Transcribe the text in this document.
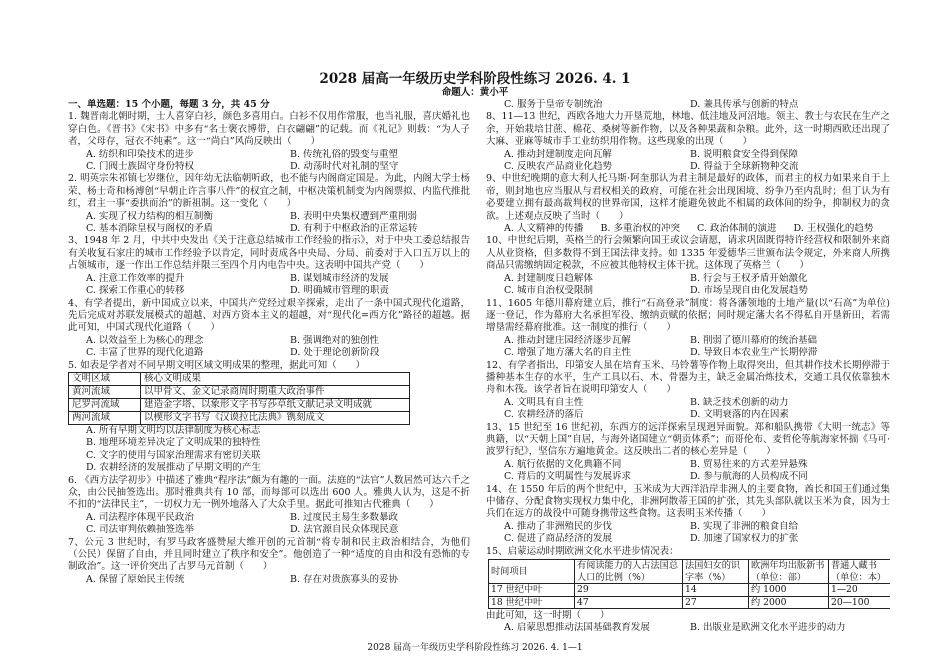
2028 届高一年级历史学科阶段性练习 2026. 4. 1
命题人：黄小平
一、单选题：15 个小题，每题 3 分，共 45 分
1. 魏晋南北朝时期，士人喜穿白衫，颜色多喜用白。白衫不仅用作常服，也当礼服，喜庆婚礼也穿白色。《晋书》《宋书》中多有“名士褒衣博带，白衣翩翩”的记载。而《礼记》则载：“为人子者，父母存，冠衣不纯素”。这一“尚白”风尚反映出（　　）
A. 纺织和印染技术的进步	B. 传统礼俗的毁变与重塑
C. 门阀士族固守身份特权	D. 动荡时代对礼制的坚守
2. 明英宗朱祁镇七岁继位，因年幼无法临朝听政，也不能与内阁商定国是。为此，内阁大学士杨荣、杨士奇和杨溥创“早朝止许言事八件”的权宜之制，中枢决策机制变为内阁票拟、内监代推批红，君主一事“委拱而治”的新祖制。这一变化（　　）
A. 实现了权力结构的相互制衡	B. 表明中央集权遭到严重削弱
C. 基本消除皇权与阁权的矛盾	D. 有利于中枢政治的正常运转
3、1948 年 2 月，中共中央发出《关于注意总结城市工作经验的指示》，对于中央工委总结报告有关收复石家庄的城市工作经验予以肯定，同时责成各中央局、分局、前委对于入口五万以上的占领城市，逐一作出工作总结并限三至四个月内电告中央。这表明中国共产党（　　）
A. 注意工作效率的提升	B. 谋划城市经济的发展
C. 探索工作重心的转移	D. 明确城市管理的职责
4、有学者提出，新中国成立以来，中国共产党经过艰辛探索，走出了一条中国式现代化道路，先后完成对苏联发展模式的超越、对西方资本主义的超越，对“现代化=西方化”路径的超越。据此可知，中国式现代化道路（　　）
A. 以效益至上为核心的理念	B. 强调绝对的独创性
C. 丰富了世界的现代化道路	D. 处于理论创新阶段
5. 如表是学者对不同早期文明区域文明成果的整理，据此可知（　　）
文明区域	核心文明成果
黄河流域	以甲骨文、金文记录商周时期重大政治事件
尼罗河流域	建造金字塔、以象形文字书写莎草纸文献记录文明成就
两河流域	以楔形文字书写《汉谟拉比法典》镌刻成文
A. 所有早期文明均以法律制度为核心标志
B. 地理环境差异决定了文明成果的独特性
C. 文字的使用与国家治理需求有密切关联
D. 农耕经济的发展推动了早期文明的产生
6. 《西方法学初步》中描述了雅典“程序法”颇为有趣的一面。法庭的“法官”人数居然可达六千之众，由公民抽签选出。那时雅典共有 10 部，而每部可以选出 600 人。雅典人认为，这是不折不扣的“法律民主”，一切权力无一例外地落入了大众手里。据此可推知古代雅典（　　）
A. 司法程序体现平民政治	B. 过度民主易生多数暴政
C. 司法审判依赖抽签选举	D. 法官源自民众体现民意
7、公元 3 世纪时，有罗马政客盛赞屋大维开创的元首制“将专制和民主政治相结合，为他们（公民）保留了自由，并且同时建立了秩序和安全”。他创造了一种“适度的自由和没有恐怖的专制政治”。这一评价突出了古罗马元首制（　　）
A. 保留了原始民主传统	B. 存在对贵族寡头的妥协
C. 服务于皇帝专制统治	D. 兼具传承与创新的特点
8、11—13 世纪，西欧各地大力开垦荒地，林地、低洼地及河沼地。领主、教士与农民在生产之余，开始栽培甘蔗、棉花、桑树等新作物，以及各种果蔬和杂粮。此外，这一时期西欧还出现了大麻、亚麻等城市手工业纺织用作物。这些现象的出现（　　）
A. 推动封建制度走向瓦解	B. 说明粮食安全得到保障
C. 反映农产品商业化趋势	D. 得益于全球新物种交流
9、中世纪晚期的意大利人托马斯·阿奎那认为君主制是最好的政体，而君主的权力如果来自于上帝，则封地也应当服从与君权相关的政府，可能在社会出现困境、纷争乃至内乱时；但丁认为有必要建立拥有最高裁判权的世界帝国，这样才能避免彼此不相属的政体间的纷争，抑制权力的贪欲。上述观点反映了当时（　　）
A. 人文精神的传播	B. 多重治权的冲突	C. 政治体制的演进	D. 王权强化的趋势
10、中世纪后期，英格兰的行会频繁向国王或议会请愿，请求巩固既得特许经营权和限制外来商人从业资格，但多数得不到王国法律支持。如 1335 年爱德华三世颁布法令规定，外来商人所携商品只需缴纳固定税款，不应被其他特权主体干扰。这体现了英格兰（　　）
A. 封建制度日趋解体	B. 行会与王权矛盾开始激化
C. 城市自治权受限制	D. 市场呈现自由化发展趋势
11、1605 年德川幕府建立后，推行“石高登录”制度：将各藩领地的土地产量(以“石高”为单位)逐一登记，作为幕府大名承担军役、缴纳贡赋的依据；同时规定藩大名不得私自开垦新田，若需增垦需经幕府批准。这一制度的推行（　　）
A. 推动封建庄园经济逐步瓦解	B. 削弱了德川幕府的统治基础
C. 增强了地方藩大名的自主性	D. 导致日本农业生产长期停滞
12、有学者指出，印第安人虽在培育玉米、马铃薯等作物上取得突出，但其耕作技术长期停滞于播种基本生存的水平，生产工具以石、木、骨器为主，缺乏金属冶炼技术，交通工具仅依靠独木舟和木筏。该学者旨在说明印第安人（　　）
A. 文明具有自主性	B. 缺乏技术创新的动力
C. 农耕经济的落后	D. 文明衰落的内在因素
13、15 世纪至 16 世纪初，东西方的远洋探索呈现迥异面貌。郑和船队携带《大明一统志》等典籍，以“天朝上国”自居，与海外诸国建立“朝贡体系”；而哥伦布、麦哲伦等航海家怀揣《马可·波罗行纪》，坚信东方遍地黄金。这反映出二者的核心差异是（　　）
A. 航行依据的文化典籍不同	B. 贸易往来的方式差异悬殊
C. 背后的文明属性与发展诉求	D. 参与航海的人员构成不同
14、在 1550 年后的两个世纪中，玉米成为大西洋沿岸非洲人的主要食物，酋长和国王们通过集中储存、分配食物实现权力集中化，非洲阿散蒂王国的扩张，其先头部队就以玉米为食，因为士兵们在远方的战役中可随身携带这些食物。这表明玉米传播（　　）
A. 推动了非洲殖民的步伐	B. 实现了非洲的粮食自给
C. 促进了商品经济的发展	D. 加速了国家权力的扩张
15、启蒙运动时期欧洲文化水平进步情况表：
时间项目	有阅读能力的人占法国总人口的比例（%）	法国妇女的识字率（%）	欧洲年均出版新书（单位：部）	普通人藏书（单位：本）
17 世纪中叶	29	14	约 1000	1—20
18 世纪中叶	47	27	约 2000	20—100
由此可知，这一时期（　　）
A. 启蒙思想推动法国基础教育发展	B. 出版业是欧洲文化水平进步的动力
2028 届高一年级历史学科阶段性练习 2026. 4. 1—1
